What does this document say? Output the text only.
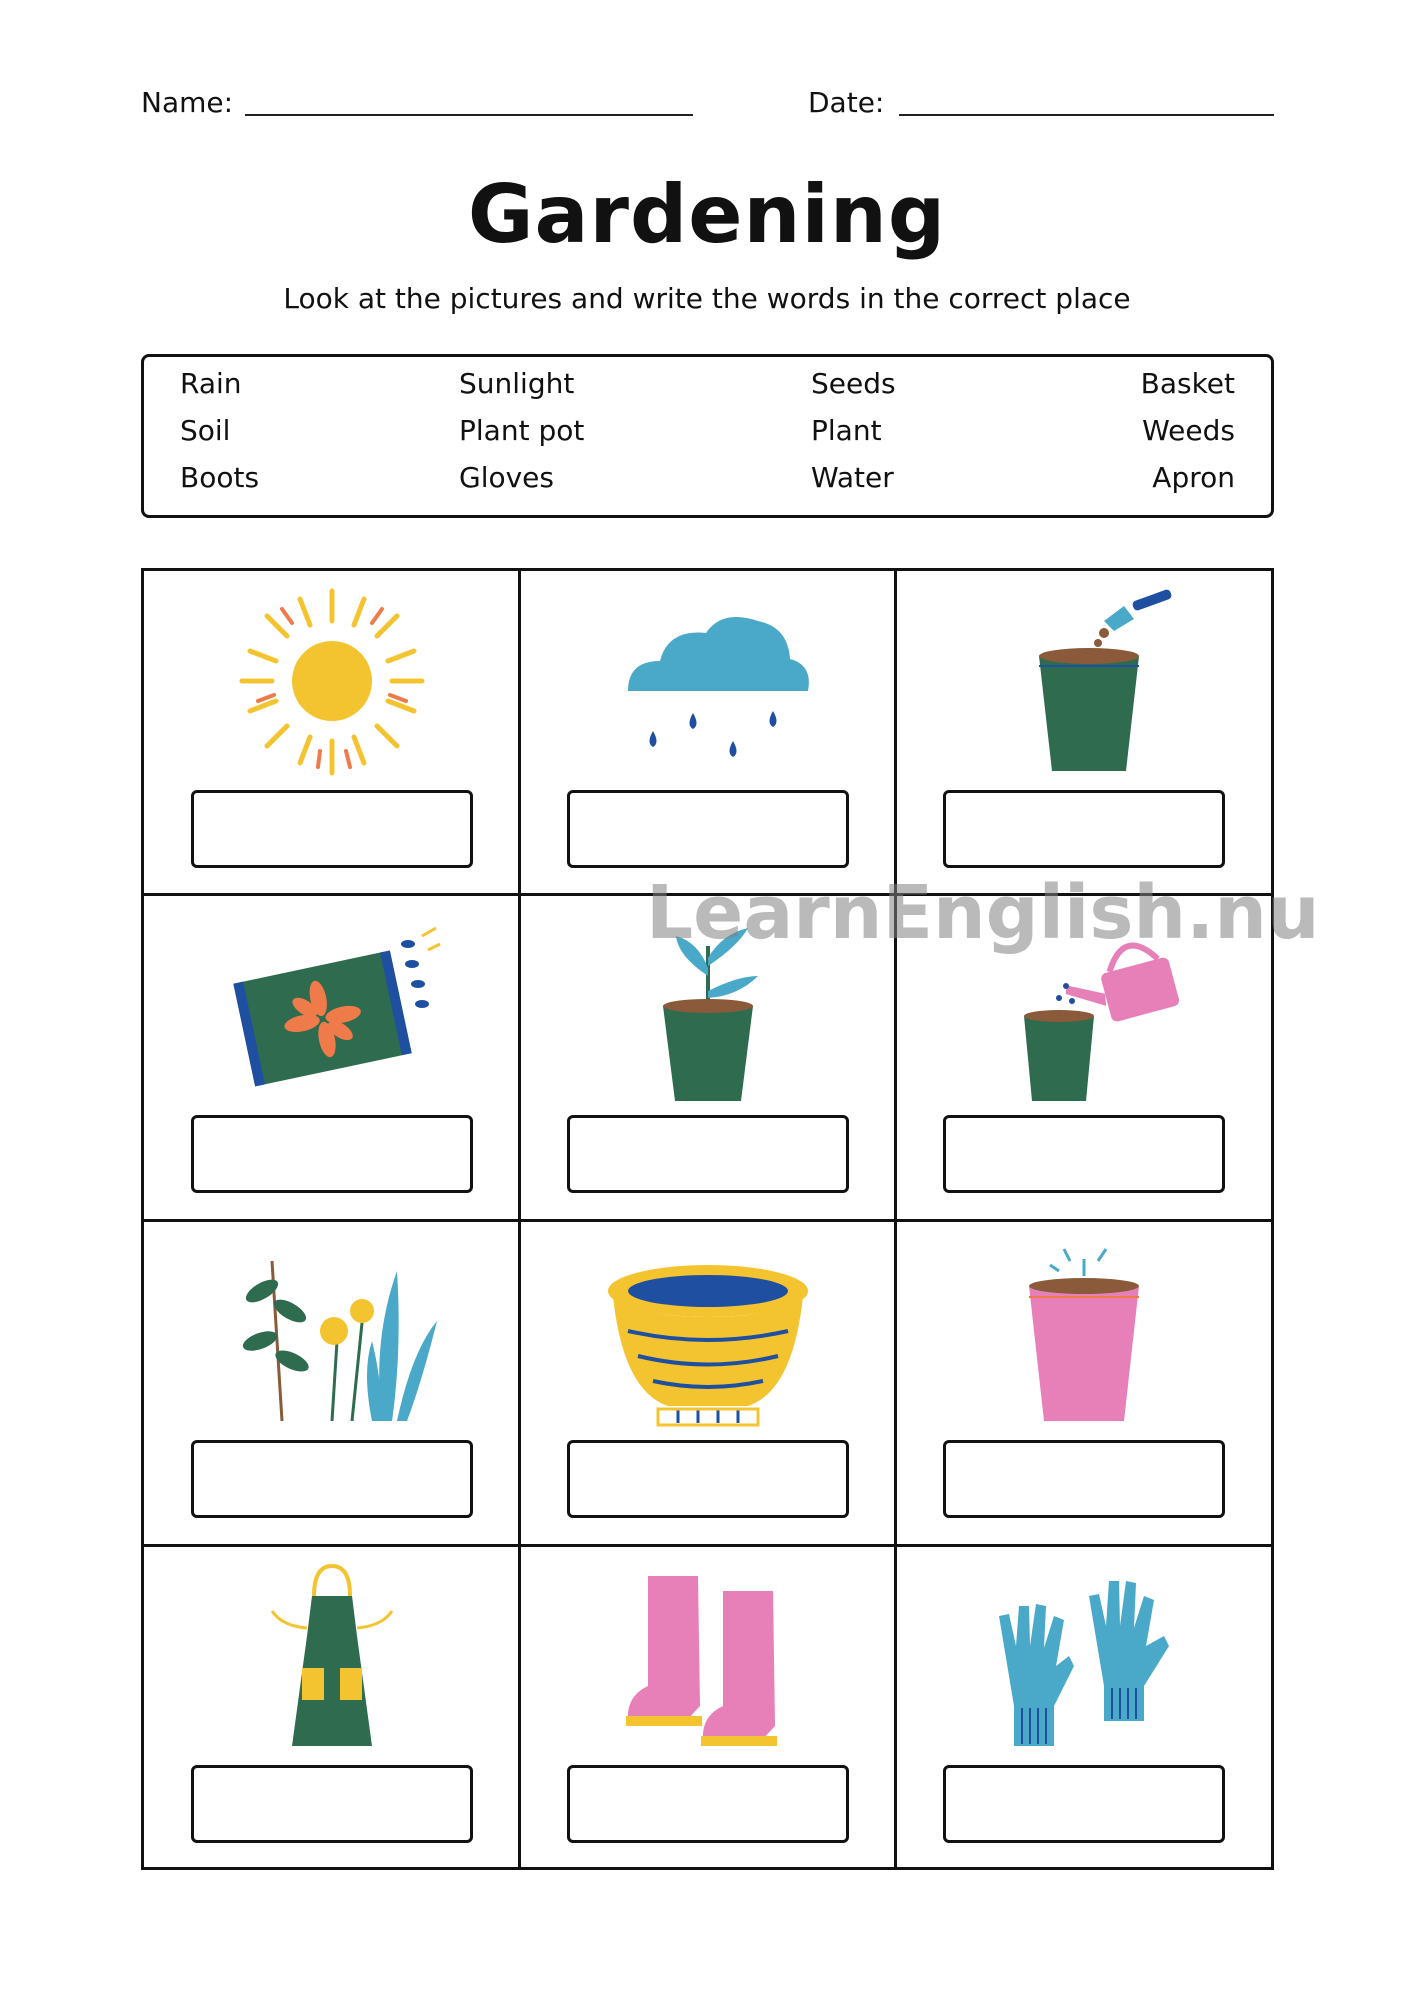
Name:	Date:
Gardening
Look at the pictures and write the words in the correct place
Rain
Soil
Boots
Sunlight
Plant pot
Gloves
Seeds
Plant
Water
Basket
Weeds
Apron
LearnEnglish.nu
